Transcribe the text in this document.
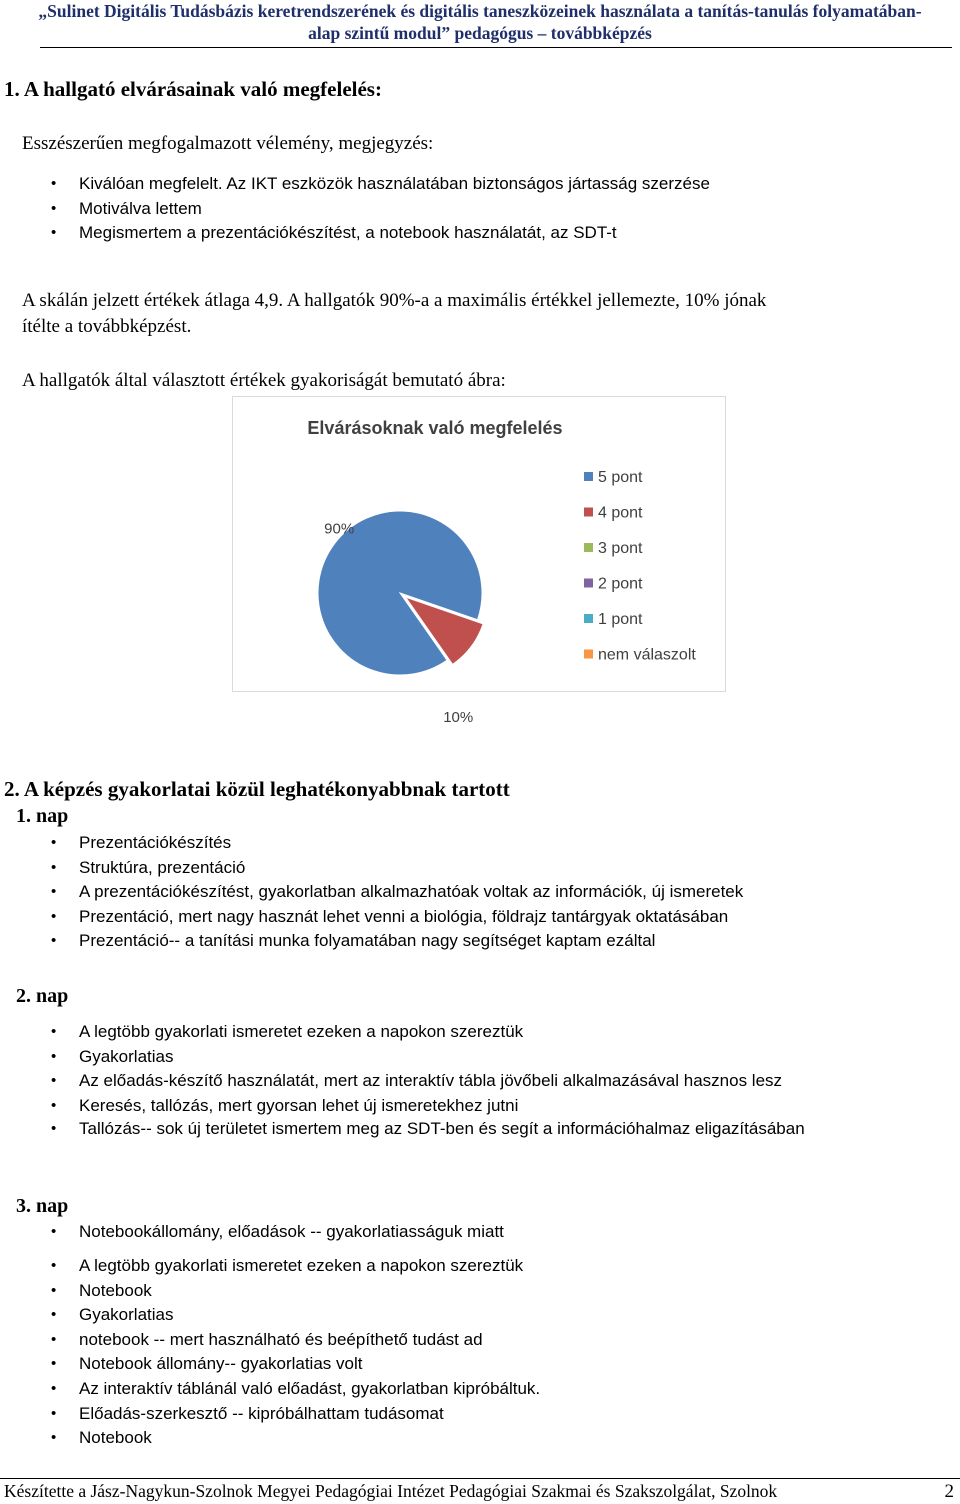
„Sulinet Digitális Tudásbázis keretrendszerének és digitális taneszközeinek használata a tanítás-tanulás folyamatában-
alap szintű modul” pedagógus – továbbképzés
1. A hallgató elvárásainak való megfelelés:
Esszészerűen megfogalmazott vélemény, megjegyzés:
• Kiválóan megfelelt. Az IKT eszközök használatában biztonságos jártasság szerzése
• Motiválva lettem
• Megismertem a prezentációkészítést, a notebook használatát, az SDT-t
A skálán jelzett értékek átlaga 4,9. A hallgatók 90%-a a maximális értékkel jellemezte, 10% jónak
ítélte a továbbképzést.
A hallgatók által választott értékek gyakoriságát bemutató ábra:
Elvárásoknak való megfelelés
90%
10%
5 pont
4 pont
3 pont
2 pont
1 pont
nem válaszolt
2. A képzés gyakorlatai közül leghatékonyabbnak tartott
1. nap
• Prezentációkészítés
• Struktúra, prezentáció
• A prezentációkészítést, gyakorlatban alkalmazhatóak voltak az információk, új ismeretek
• Prezentáció, mert nagy hasznát lehet venni a biológia, földrajz tantárgyak oktatásában
• Prezentáció-- a tanítási munka folyamatában nagy segítséget kaptam ezáltal
2. nap
• A legtöbb gyakorlati ismeretet ezeken a napokon szereztük
• Gyakorlatias
• Az előadás-készítő használatát, mert az interaktív tábla jövőbeli alkalmazásával hasznos lesz
• Keresés, tallózás, mert gyorsan lehet új ismeretekhez jutni
• Tallózás-- sok új területet ismertem meg az SDT-ben és segít a információhalmaz eligazításában
3. nap
• Notebookállomány, előadások -- gyakorlatiasságuk miatt
• A legtöbb gyakorlati ismeretet ezeken a napokon szereztük
• Notebook
• Gyakorlatias
• notebook -- mert használható és beépíthető tudást ad
• Notebook állomány-- gyakorlatias volt
• Az interaktív táblánál való előadást, gyakorlatban kipróbáltuk.
• Előadás-szerkesztő -- kipróbálhattam tudásomat
• Notebook
Készítette a Jász-Nagykun-Szolnok Megyei Pedagógiai Intézet Pedagógiai Szakmai és Szakszolgálat, Szolnok	2
